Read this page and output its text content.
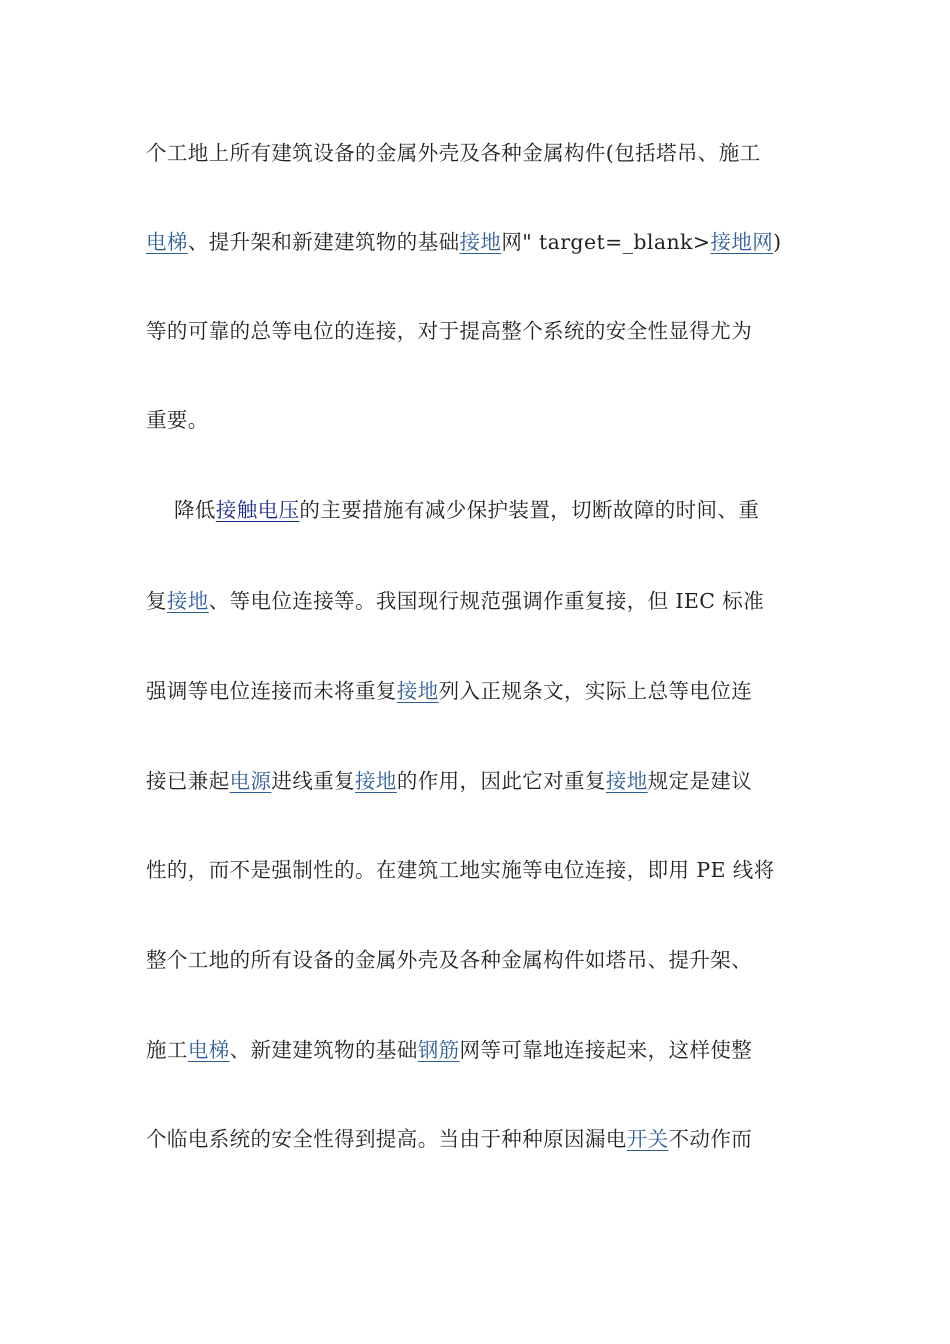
个工地上所有建筑设备的金属外壳及各种金属构件(包括塔吊、施工
电梯、提升架和新建建筑物的基础接地网" target=_blank>接地网)
等的可靠的总等电位的连接，对于提高整个系统的安全性显得尤为
重要。
降低接触电压的主要措施有减少保护装置，切断故障的时间、重
复接地、等电位连接等。我国现行规范强调作重复接，但 IEC 标准
强调等电位连接而未将重复接地列入正规条文，实际上总等电位连
接已兼起电源进线重复接地的作用，因此它对重复接地规定是建议
性的，而不是强制性的。在建筑工地实施等电位连接，即用 PE 线将
整个工地的所有设备的金属外壳及各种金属构件如塔吊、提升架、
施工电梯、新建建筑物的基础钢筋网等可靠地连接起来，这样使整
个临电系统的安全性得到提高。当由于种种原因漏电开关不动作而
